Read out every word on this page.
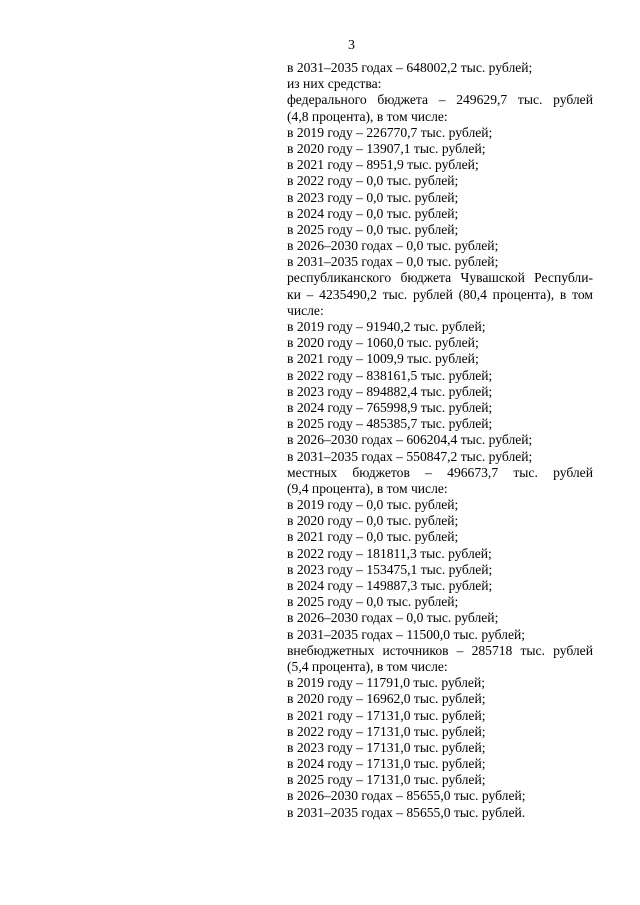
3
в 2031–2035 годах – 648002,2 тыс. рублей;
из них средства:
федерального бюджета – 249629,7 тыс. рублей
(4,8 процента), в том числе:
в 2019 году – 226770,7 тыс. рублей;
в 2020 году – 13907,1 тыс. рублей;
в 2021 году – 8951,9 тыс. рублей;
в 2022 году – 0,0 тыс. рублей;
в 2023 году – 0,0 тыс. рублей;
в 2024 году – 0,0 тыс. рублей;
в 2025 году – 0,0 тыс. рублей;
в 2026–2030 годах – 0,0 тыс. рублей;
в 2031–2035 годах – 0,0 тыс. рублей;
республиканского бюджета Чувашской Республи-
ки – 4235490,2 тыс. рублей (80,4 процента), в том
числе:
в 2019 году – 91940,2 тыс. рублей;
в 2020 году – 1060,0 тыс. рублей;
в 2021 году – 1009,9 тыс. рублей;
в 2022 году – 838161,5 тыс. рублей;
в 2023 году – 894882,4 тыс. рублей;
в 2024 году – 765998,9 тыс. рублей;
в 2025 году – 485385,7 тыс. рублей;
в 2026–2030 годах – 606204,4 тыс. рублей;
в 2031–2035 годах – 550847,2 тыс. рублей;
местных бюджетов – 496673,7 тыс. рублей
(9,4 процента), в том числе:
в 2019 году – 0,0 тыс. рублей;
в 2020 году – 0,0 тыс. рублей;
в 2021 году – 0,0 тыс. рублей;
в 2022 году – 181811,3 тыс. рублей;
в 2023 году – 153475,1 тыс. рублей;
в 2024 году – 149887,3 тыс. рублей;
в 2025 году – 0,0 тыс. рублей;
в 2026–2030 годах – 0,0 тыс. рублей;
в 2031–2035 годах – 11500,0 тыс. рублей;
внебюджетных источников – 285718 тыс. рублей
(5,4 процента), в том числе:
в 2019 году – 11791,0 тыс. рублей;
в 2020 году – 16962,0 тыс. рублей;
в 2021 году – 17131,0 тыс. рублей;
в 2022 году – 17131,0 тыс. рублей;
в 2023 году – 17131,0 тыс. рублей;
в 2024 году – 17131,0 тыс. рублей;
в 2025 году – 17131,0 тыс. рублей;
в 2026–2030 годах – 85655,0 тыс. рублей;
в 2031–2035 годах – 85655,0 тыс. рублей.
